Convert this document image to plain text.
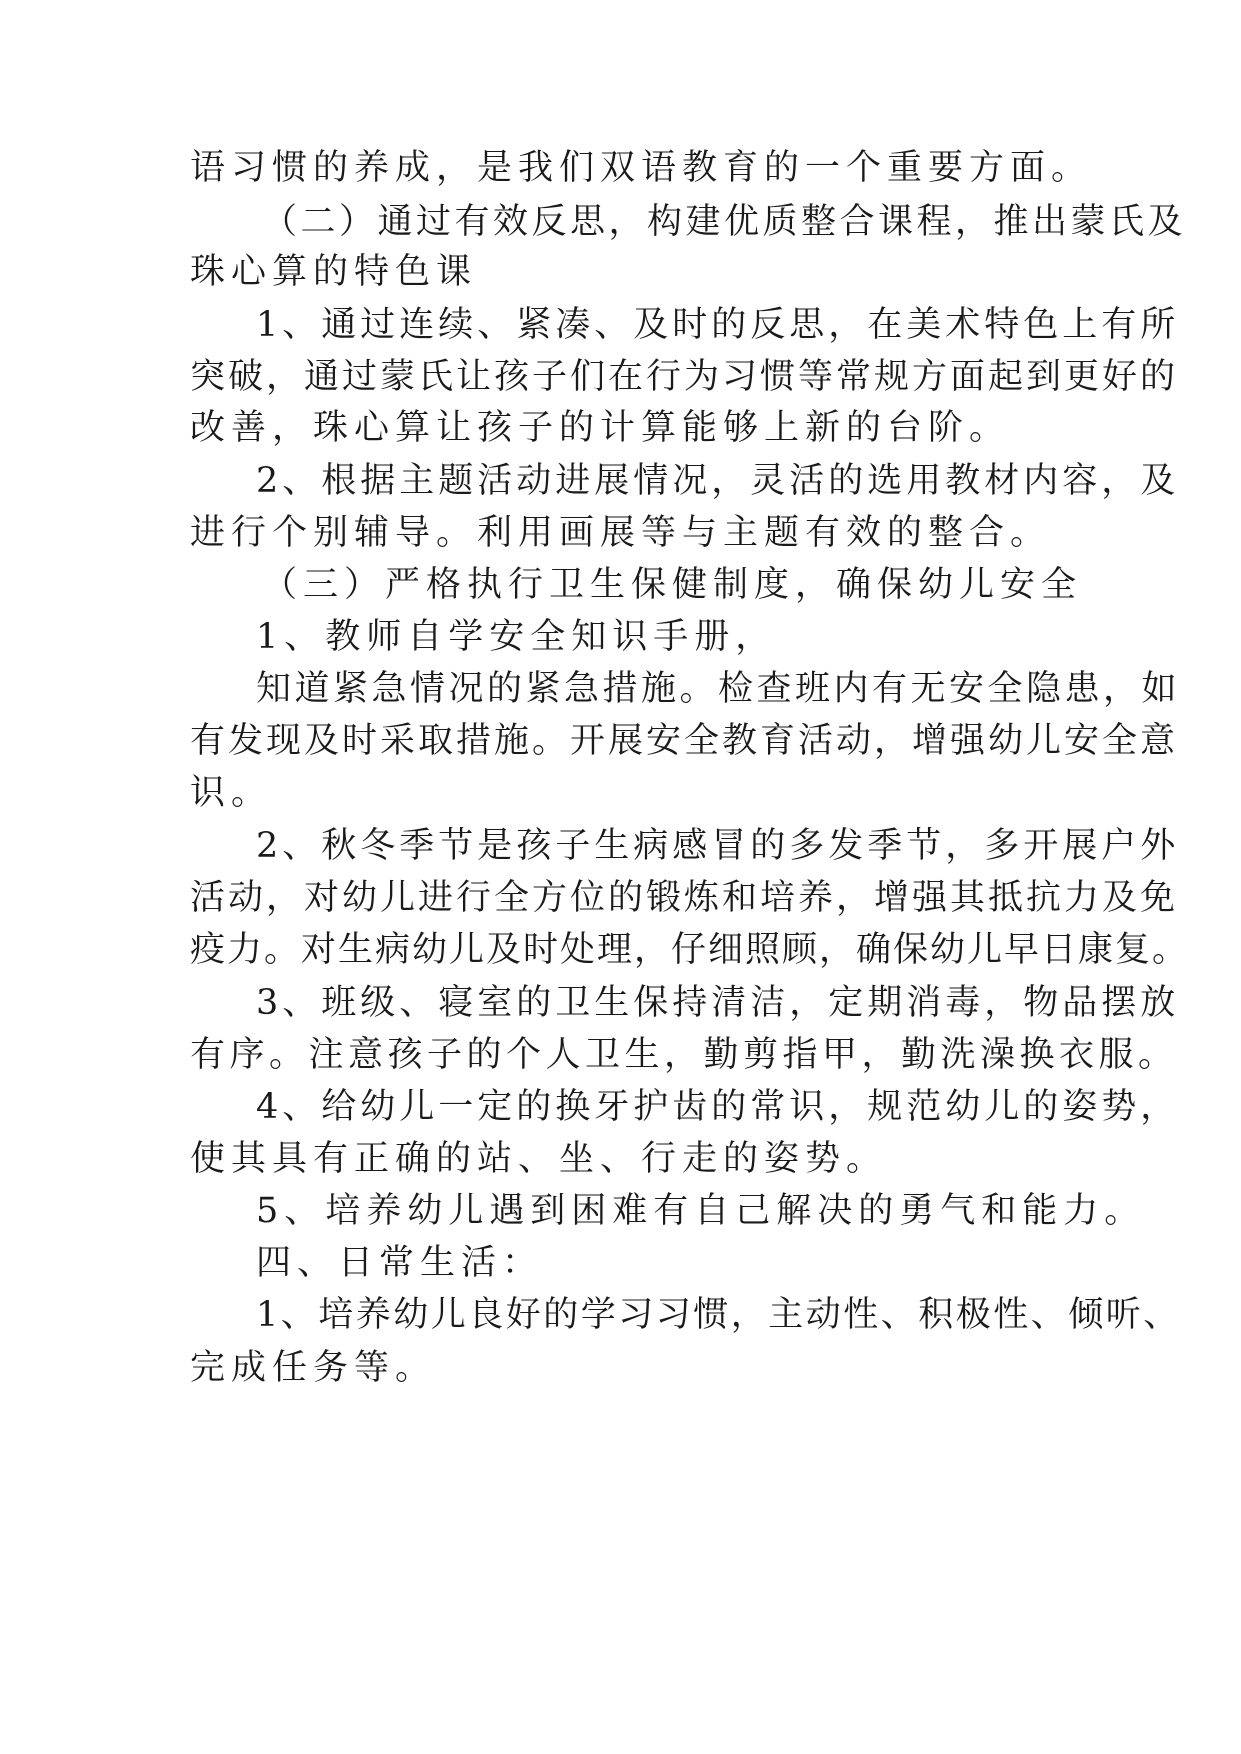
语习惯的养成，是我们双语教育的一个重要方面。
（二）通过有效反思，构建优质整合课程，推出蒙氏及
珠心算的特色课
1、通过连续、紧凑、及时的反思，在美术特色上有所
突破，通过蒙氏让孩子们在行为习惯等常规方面起到更好的
改善，珠心算让孩子的计算能够上新的台阶。
2、根据主题活动进展情况，灵活的选用教材内容，及
进行个别辅导。利用画展等与主题有效的整合。
（三）严格执行卫生保健制度，确保幼儿安全
1、教师自学安全知识手册，
知道紧急情况的紧急措施。检查班内有无安全隐患，如
有发现及时采取措施。开展安全教育活动，增强幼儿安全意
识。
2、秋冬季节是孩子生病感冒的多发季节，多开展户外
活动，对幼儿进行全方位的锻炼和培养，增强其抵抗力及免
疫力。对生病幼儿及时处理，仔细照顾，确保幼儿早日康复。
3、班级、寝室的卫生保持清洁，定期消毒，物品摆放
有序。注意孩子的个人卫生，勤剪指甲，勤洗澡换衣服。
4、给幼儿一定的换牙护齿的常识，规范幼儿的姿势，
使其具有正确的站、坐、行走的姿势。
5、培养幼儿遇到困难有自己解决的勇气和能力。
四、日常生活：
1、培养幼儿良好的学习习惯，主动性、积极性、倾听、
完成任务等。
